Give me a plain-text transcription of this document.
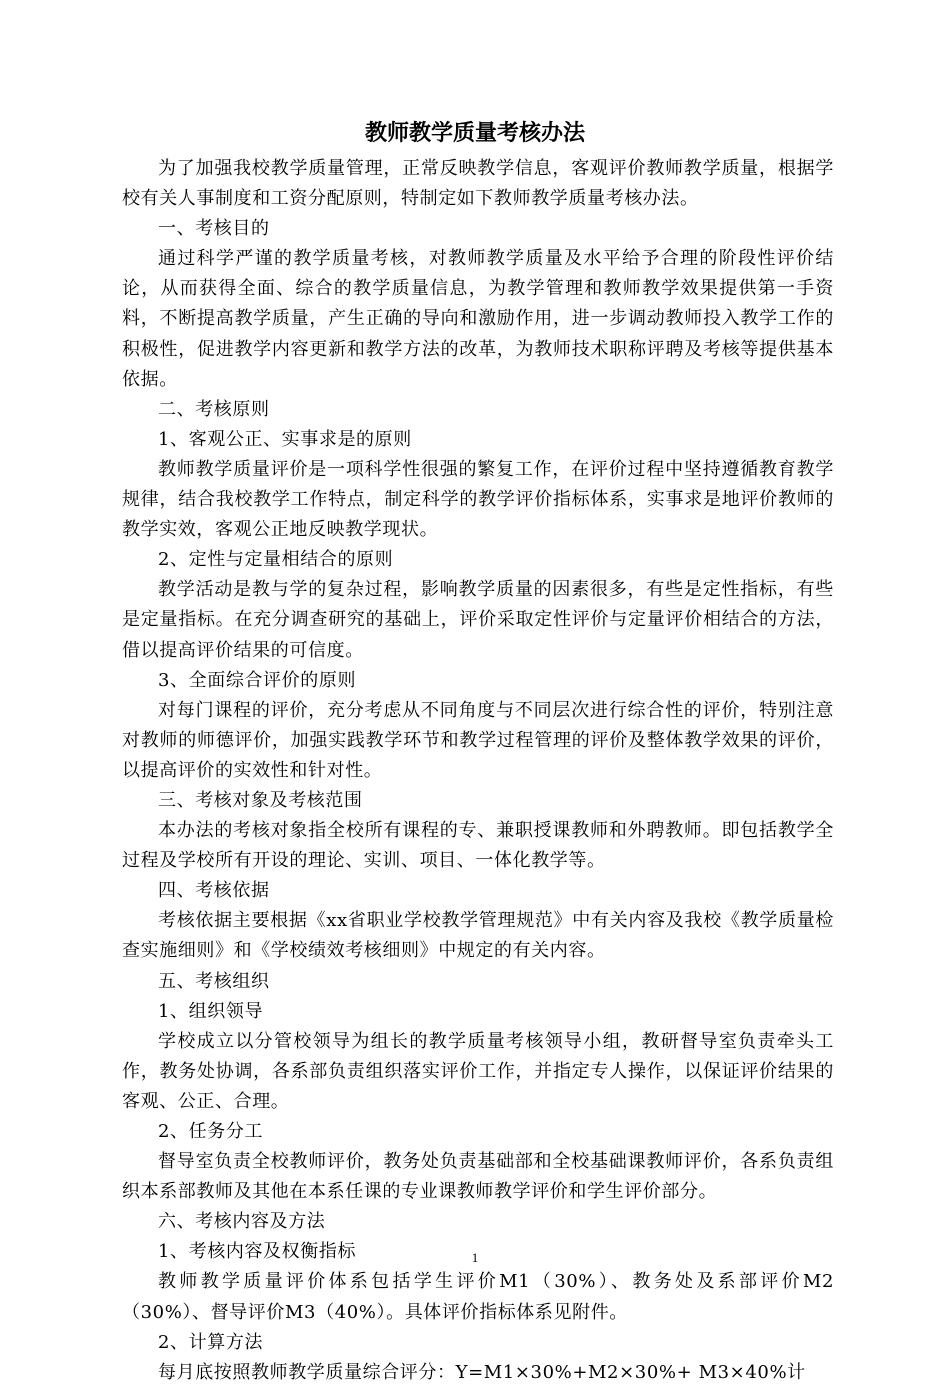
教师教学质量考核办法

为了加强我校教学质量管理，正常反映教学信息，客观评价教师教学质量，根据学校有关人事制度和工资分配原则，特制定如下教师教学质量考核办法。

一、考核目的

通过科学严谨的教学质量考核，对教师教学质量及水平给予合理的阶段性评价结论，从而获得全面、综合的教学质量信息，为教学管理和教师教学效果提供第一手资料，不断提高教学质量，产生正确的导向和激励作用，进一步调动教师投入教学工作的积极性，促进教学内容更新和教学方法的改革，为教师技术职称评聘及考核等提供基本依据。

二、考核原则

1、客观公正、实事求是的原则

教师教学质量评价是一项科学性很强的繁复工作，在评价过程中坚持遵循教育教学规律，结合我校教学工作特点，制定科学的教学评价指标体系，实事求是地评价教师的教学实效，客观公正地反映教学现状。

2、定性与定量相结合的原则

教学活动是教与学的复杂过程，影响教学质量的因素很多，有些是定性指标，有些是定量指标。在充分调查研究的基础上，评价采取定性评价与定量评价相结合的方法，借以提高评价结果的可信度。

3、全面综合评价的原则

对每门课程的评价，充分考虑从不同角度与不同层次进行综合性的评价，特别注意对教师的师德评价，加强实践教学环节和教学过程管理的评价及整体教学效果的评价，以提高评价的实效性和针对性。

三、考核对象及考核范围

本办法的考核对象指全校所有课程的专、兼职授课教师和外聘教师。即包括教学全过程及学校所有开设的理论、实训、项目、一体化教学等。

四、考核依据

考核依据主要根据《xx省职业学校教学管理规范》中有关内容及我校《教学质量检查实施细则》和《学校绩效考核细则》中规定的有关内容。

五、考核组织

1、组织领导

学校成立以分管校领导为组长的教学质量考核领导小组，教研督导室负责牵头工作，教务处协调，各系部负责组织落实评价工作，并指定专人操作，以保证评价结果的客观、公正、合理。

2、任务分工

督导室负责全校教师评价，教务处负责基础部和全校基础课教师评价，各系负责组织本系部教师及其他在本系任课的专业课教师教学评价和学生评价部分。

六、考核内容及方法

1、考核内容及权衡指标

教师教学质量评价体系包括学生评价M1（30%）、教务处及系部评价M2（30%）、督导评价M3（40%）。具体评价指标体系见附件。

2、计算方法

每月底按照教师教学质量综合评分：Y=M1×30%+M2×30%+ M3×40%计

1
